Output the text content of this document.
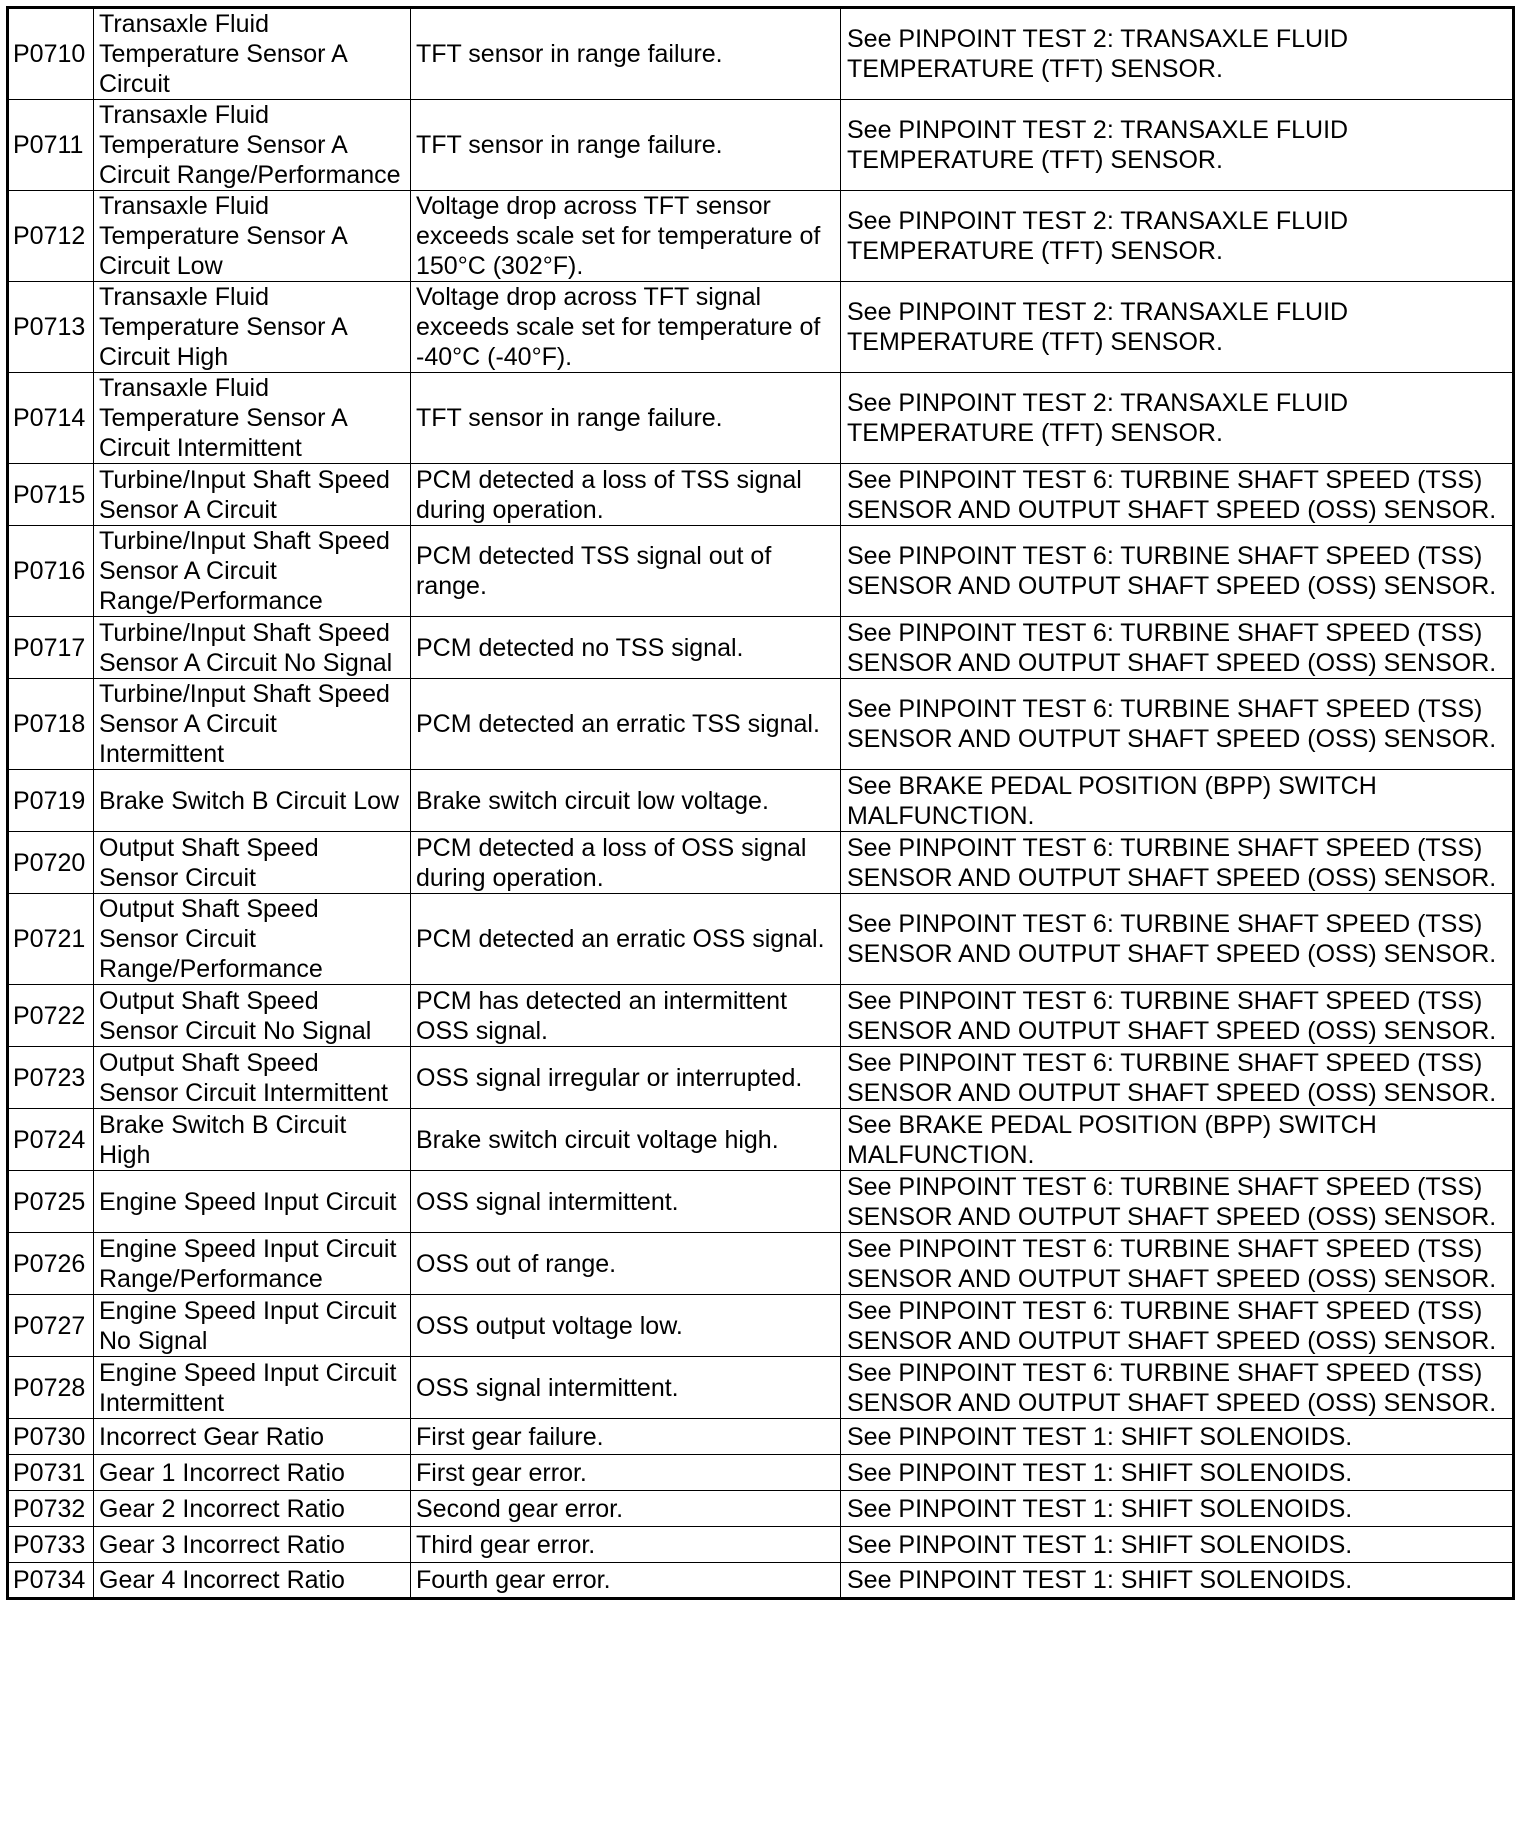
P0710	Transaxle Fluid
Temperature Sensor A
Circuit	TFT sensor in range failure.	See PINPOINT TEST 2: TRANSAXLE FLUID
TEMPERATURE (TFT) SENSOR.
P0711	Transaxle Fluid
Temperature Sensor A
Circuit Range/Performance	TFT sensor in range failure.	See PINPOINT TEST 2: TRANSAXLE FLUID
TEMPERATURE (TFT) SENSOR.
P0712	Transaxle Fluid
Temperature Sensor A
Circuit Low	Voltage drop across TFT sensor
exceeds scale set for temperature of
150°C (302°F).	See PINPOINT TEST 2: TRANSAXLE FLUID
TEMPERATURE (TFT) SENSOR.
P0713	Transaxle Fluid
Temperature Sensor A
Circuit High	Voltage drop across TFT signal
exceeds scale set for temperature of
-40°C (-40°F).	See PINPOINT TEST 2: TRANSAXLE FLUID
TEMPERATURE (TFT) SENSOR.
P0714	Transaxle Fluid
Temperature Sensor A
Circuit Intermittent	TFT sensor in range failure.	See PINPOINT TEST 2: TRANSAXLE FLUID
TEMPERATURE (TFT) SENSOR.
P0715	Turbine/Input Shaft Speed
Sensor A Circuit	PCM detected a loss of TSS signal
during operation.	See PINPOINT TEST 6: TURBINE SHAFT SPEED (TSS)
SENSOR AND OUTPUT SHAFT SPEED (OSS) SENSOR.
P0716	Turbine/Input Shaft Speed
Sensor A Circuit
Range/Performance	PCM detected TSS signal out of
range.	See PINPOINT TEST 6: TURBINE SHAFT SPEED (TSS)
SENSOR AND OUTPUT SHAFT SPEED (OSS) SENSOR.
P0717	Turbine/Input Shaft Speed
Sensor A Circuit No Signal	PCM detected no TSS signal.	See PINPOINT TEST 6: TURBINE SHAFT SPEED (TSS)
SENSOR AND OUTPUT SHAFT SPEED (OSS) SENSOR.
P0718	Turbine/Input Shaft Speed
Sensor A Circuit
Intermittent	PCM detected an erratic TSS signal.	See PINPOINT TEST 6: TURBINE SHAFT SPEED (TSS)
SENSOR AND OUTPUT SHAFT SPEED (OSS) SENSOR.
P0719	Brake Switch B Circuit Low	Brake switch circuit low voltage.	See BRAKE PEDAL POSITION (BPP) SWITCH
MALFUNCTION.
P0720	Output Shaft Speed
Sensor Circuit	PCM detected a loss of OSS signal
during operation.	See PINPOINT TEST 6: TURBINE SHAFT SPEED (TSS)
SENSOR AND OUTPUT SHAFT SPEED (OSS) SENSOR.
P0721	Output Shaft Speed
Sensor Circuit
Range/Performance	PCM detected an erratic OSS signal.	See PINPOINT TEST 6: TURBINE SHAFT SPEED (TSS)
SENSOR AND OUTPUT SHAFT SPEED (OSS) SENSOR.
P0722	Output Shaft Speed
Sensor Circuit No Signal	PCM has detected an intermittent
OSS signal.	See PINPOINT TEST 6: TURBINE SHAFT SPEED (TSS)
SENSOR AND OUTPUT SHAFT SPEED (OSS) SENSOR.
P0723	Output Shaft Speed
Sensor Circuit Intermittent	OSS signal irregular or interrupted.	See PINPOINT TEST 6: TURBINE SHAFT SPEED (TSS)
SENSOR AND OUTPUT SHAFT SPEED (OSS) SENSOR.
P0724	Brake Switch B Circuit
High	Brake switch circuit voltage high.	See BRAKE PEDAL POSITION (BPP) SWITCH
MALFUNCTION.
P0725	Engine Speed Input Circuit	OSS signal intermittent.	See PINPOINT TEST 6: TURBINE SHAFT SPEED (TSS)
SENSOR AND OUTPUT SHAFT SPEED (OSS) SENSOR.
P0726	Engine Speed Input Circuit
Range/Performance	OSS out of range.	See PINPOINT TEST 6: TURBINE SHAFT SPEED (TSS)
SENSOR AND OUTPUT SHAFT SPEED (OSS) SENSOR.
P0727	Engine Speed Input Circuit
No Signal	OSS output voltage low.	See PINPOINT TEST 6: TURBINE SHAFT SPEED (TSS)
SENSOR AND OUTPUT SHAFT SPEED (OSS) SENSOR.
P0728	Engine Speed Input Circuit
Intermittent	OSS signal intermittent.	See PINPOINT TEST 6: TURBINE SHAFT SPEED (TSS)
SENSOR AND OUTPUT SHAFT SPEED (OSS) SENSOR.
P0730	Incorrect Gear Ratio	First gear failure.	See PINPOINT TEST 1: SHIFT SOLENOIDS.
P0731	Gear 1 Incorrect Ratio	First gear error.	See PINPOINT TEST 1: SHIFT SOLENOIDS.
P0732	Gear 2 Incorrect Ratio	Second gear error.	See PINPOINT TEST 1: SHIFT SOLENOIDS.
P0733	Gear 3 Incorrect Ratio	Third gear error.	See PINPOINT TEST 1: SHIFT SOLENOIDS.
P0734	Gear 4 Incorrect Ratio	Fourth gear error.	See PINPOINT TEST 1: SHIFT SOLENOIDS.
